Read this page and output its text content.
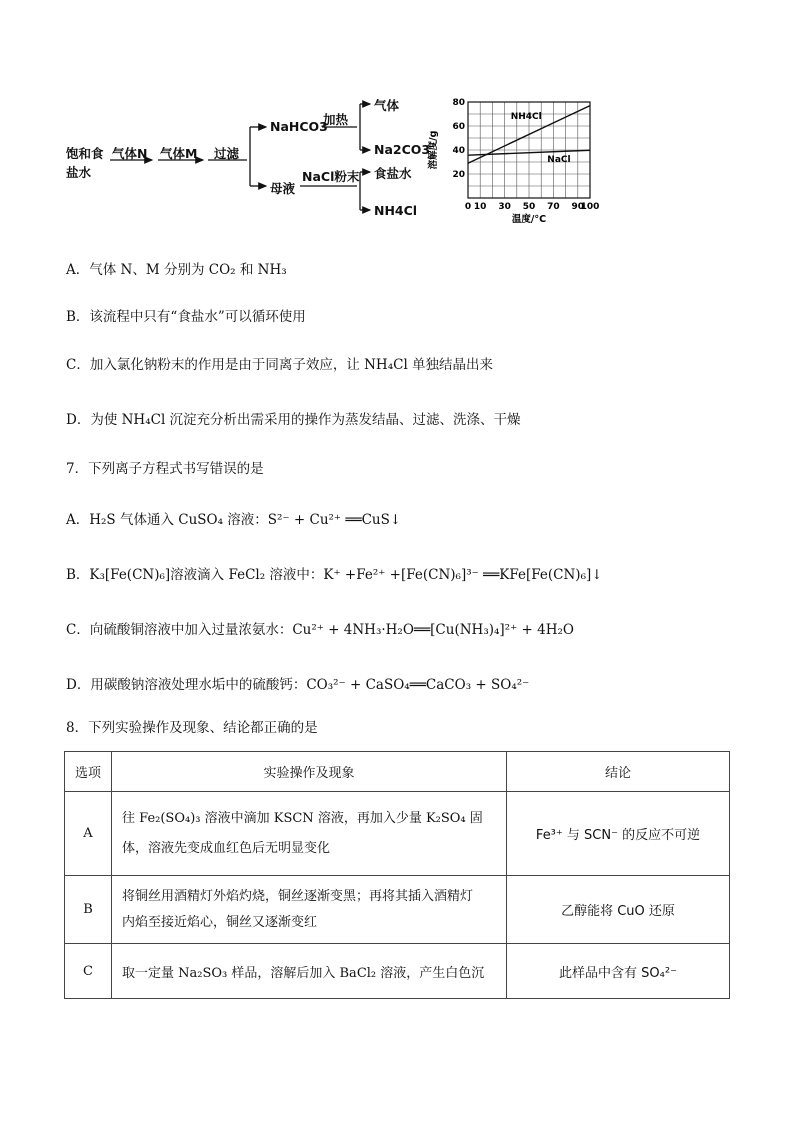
饱和食
盐水
气体N 气体M 过滤
NaHCO3
加热
气体
Na2CO3
母液
NaCl粉末 食盐水
NH4Cl	0 10 30 50 70 90
100
20
40
60
80
温度/°C
溶解度/g
NH4Cl
NaCl
A．气体 N、M 分别为 CO₂ 和 NH₃
B．该流程中只有“食盐水”可以循环使用
C．加入氯化钠粉末的作用是由于同离子效应，让 NH₄Cl 单独结晶出来
D．为使 NH₄Cl 沉淀充分析出需采用的操作为蒸发结晶、过滤、洗涤、干燥
7．下列离子方程式书写错误的是
A．H₂S 气体通入 CuSO₄ 溶液：S²⁻ + Cu²⁺ ══CuS↓
B．K₃[Fe(CN)₆]溶液滴入 FeCl₂ 溶液中：K⁺ +Fe²⁺ +[Fe(CN)₆]³⁻ ══KFe[Fe(CN)₆]↓
C．向硫酸铜溶液中加入过量浓氨水：Cu²⁺ + 4NH₃·H₂O══[Cu(NH₃)₄]²⁺ + 4H₂O
D．用碳酸钠溶液处理水垢中的硫酸钙：CO₃²⁻ + CaSO₄══CaCO₃ + SO₄²⁻
8．下列实验操作及现象、结论都正确的是
选项	实验操作及现象	结论
A	往 Fe₂(SO₄)₃ 溶液中滴加 KSCN 溶液，再加入少量 K₂SO₄ 固
体，溶液先变成血红色后无明显变化	Fe³⁺ 与 SCN⁻ 的反应不可逆
B	将铜丝用酒精灯外焰灼烧，铜丝逐渐变黑；再将其插入酒精灯
内焰至接近焰心，铜丝又逐渐变红	乙醇能将 CuO 还原
C	取一定量 Na₂SO₃ 样品，溶解后加入 BaCl₂ 溶液，产生白色沉	此样品中含有 SO₄²⁻
